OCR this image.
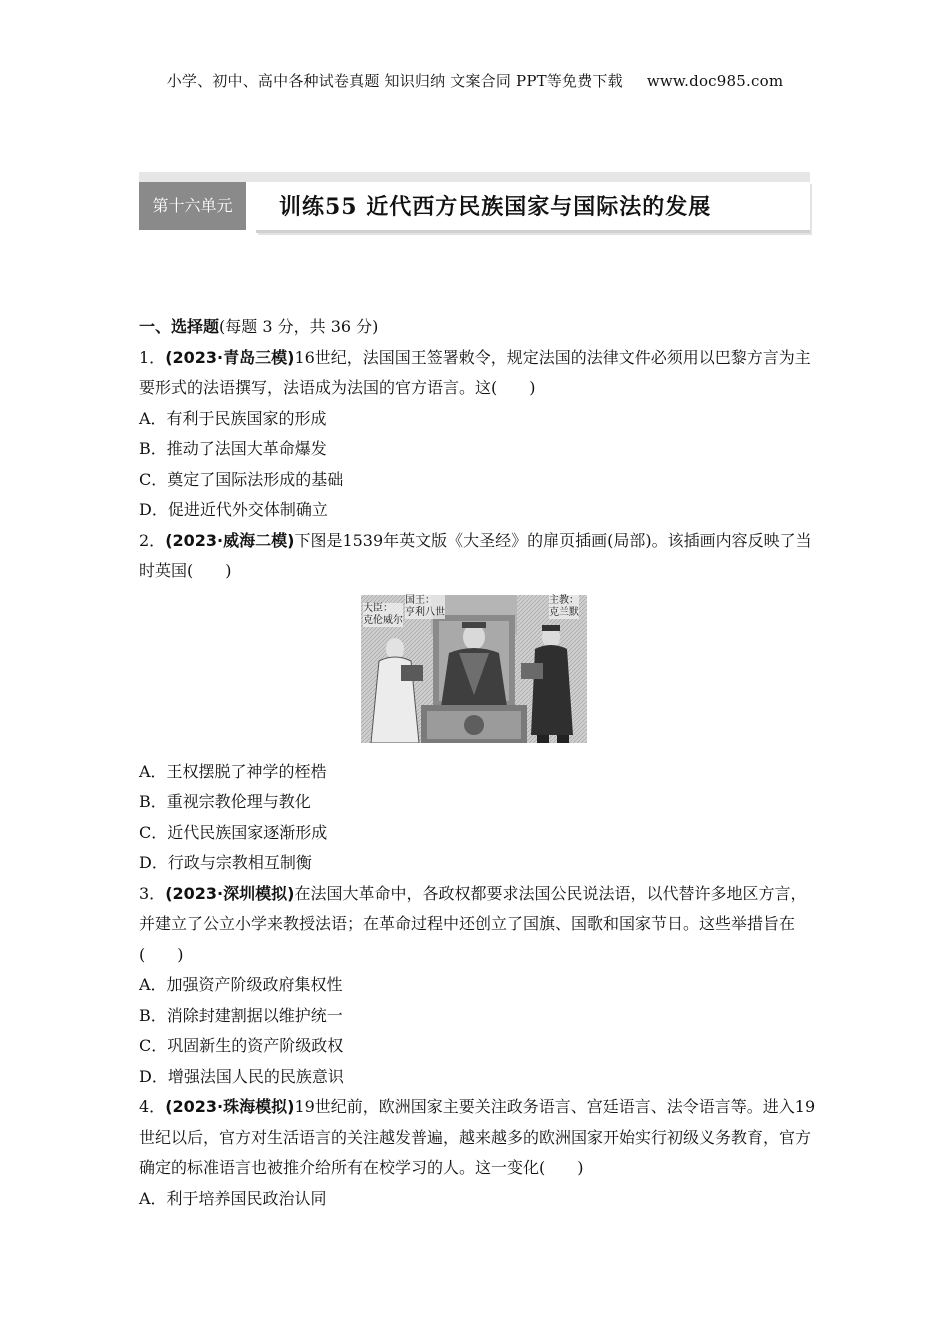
小学、初中、高中各种试卷真题 知识归纳 文案合同 PPT等免费下载 www.doc985.com
第十六单元	训练55 近代西方民族国家与国际法的发展
一、选择题(每题 3 分，共 36 分)
1．(2023·青岛三模)16世纪，法国国王签署敕令，规定法国的法律文件必须用以巴黎方言为主要形式的法语撰写，法语成为法国的官方语言。这(　　)
A．有利于民族国家的形成
B．推动了法国大革命爆发
C．奠定了国际法形成的基础
D．促进近代外交体制确立
2．(2023·威海二模)下图是1539年英文版《大圣经》的扉页插画(局部)。该插画内容反映了当时英国(　　)
大臣：
克伦威尔
国王：
亨利八世
主教：
克兰默
A．王权摆脱了神学的桎梏
B．重视宗教伦理与教化
C．近代民族国家逐渐形成
D．行政与宗教相互制衡
3．(2023·深圳模拟)在法国大革命中，各政权都要求法国公民说法语，以代替许多地区方言，并建立了公立小学来教授法语；在革命过程中还创立了国旗、国歌和国家节日。这些举措旨在(　　)
A．加强资产阶级政府集权性
B．消除封建割据以维护统一
C．巩固新生的资产阶级政权
D．增强法国人民的民族意识
4．(2023·珠海模拟)19世纪前，欧洲国家主要关注政务语言、宫廷语言、法令语言等。进入19世纪以后，官方对生活语言的关注越发普遍，越来越多的欧洲国家开始实行初级义务教育，官方确定的标准语言也被推介给所有在校学习的人。这一变化(　　)
A．利于培养国民政治认同
